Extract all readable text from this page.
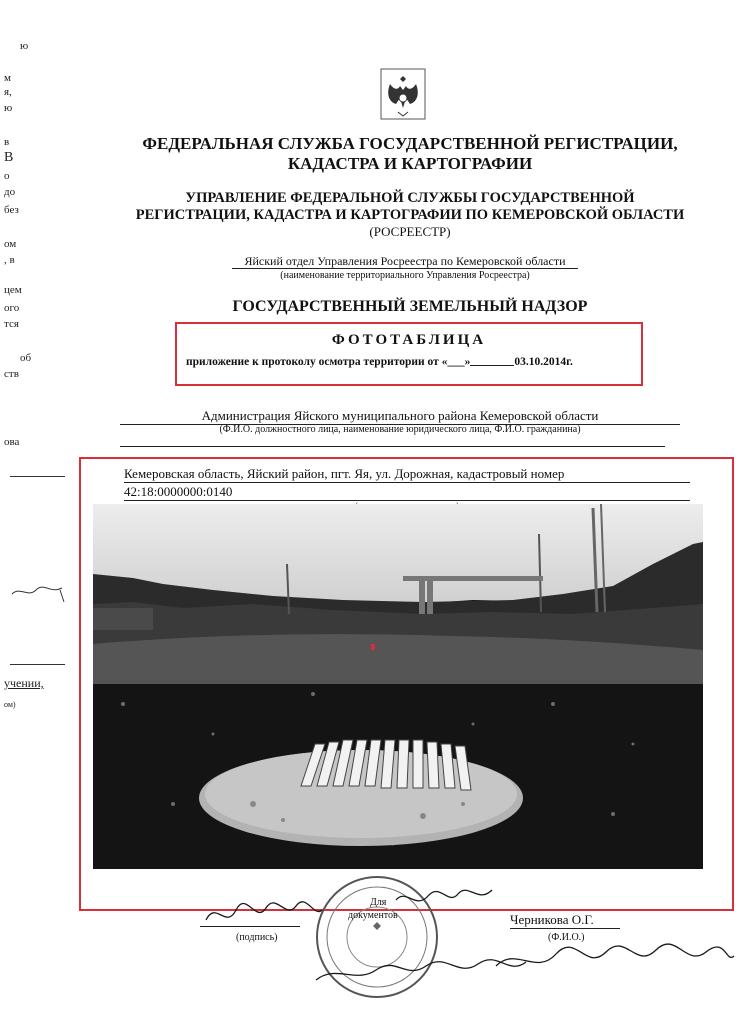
ю
м
я,
ю
в
В
о
до
без
ом
, в
цем
ого
тся
об
ств
ова
учении,
ом)
ФЕДЕРАЛЬНАЯ СЛУЖБА ГОСУДАРСТВЕННОЙ РЕГИСТРАЦИИ,
КАДАСТРА И КАРТОГРАФИИ
УПРАВЛЕНИЕ ФЕДЕРАЛЬНОЙ СЛУЖБЫ ГОСУДАРСТВЕННОЙ
РЕГИСТРАЦИИ, КАДАСТРА И КАРТОГРАФИИ ПО КЕМЕРОВСКОЙ ОБЛАСТИ
(РОСРЕЕСТР)
Яйский отдел Управления Росреестра по Кемеровской области
(наименование территориального Управления Росреестра)
ГОСУДАРСТВЕННЫЙ ЗЕМЕЛЬНЫЙ НАДЗОР
ФОТОТАБЛИЦА
приложение к протоколу осмотра территории от «___»	03.10.2014г.
Администрация Яйского муниципального района Кемеровской области
(Ф.И.О. должностного лица, наименование юридического лица, Ф.И.О. гражданина)
Кемеровская область, Яйский район, пгт. Яя, ул. Дорожная, кадастровый номер
42:18:0000000:0140
(подпись)
Черникова О.Г.
(Ф.И.О.)
Для
документов
